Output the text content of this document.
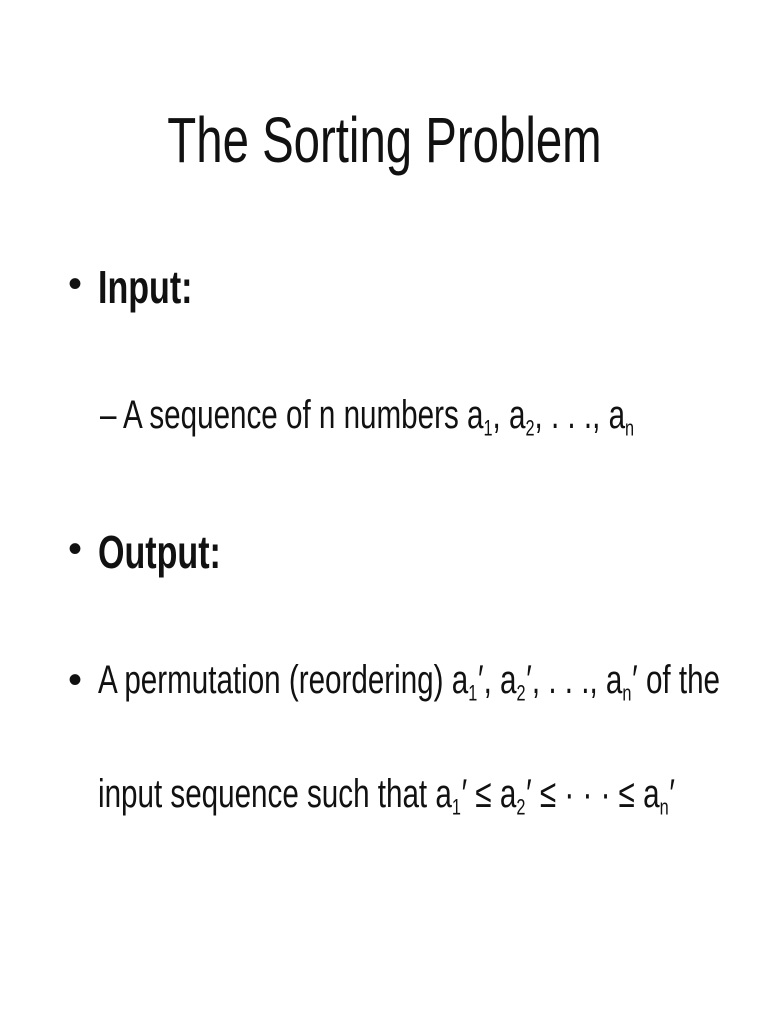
The Sorting Problem
• Input:
– A sequence of n numbers $a_1$, $a_2$, . . ., $a_n$
• Output:
• A permutation (reordering) $a_1'$, $a_2'$, . . ., $a_n'$ of the
input sequence such that $a_1' \le a_2'$ ≤ · · · ≤ $a_n'$
